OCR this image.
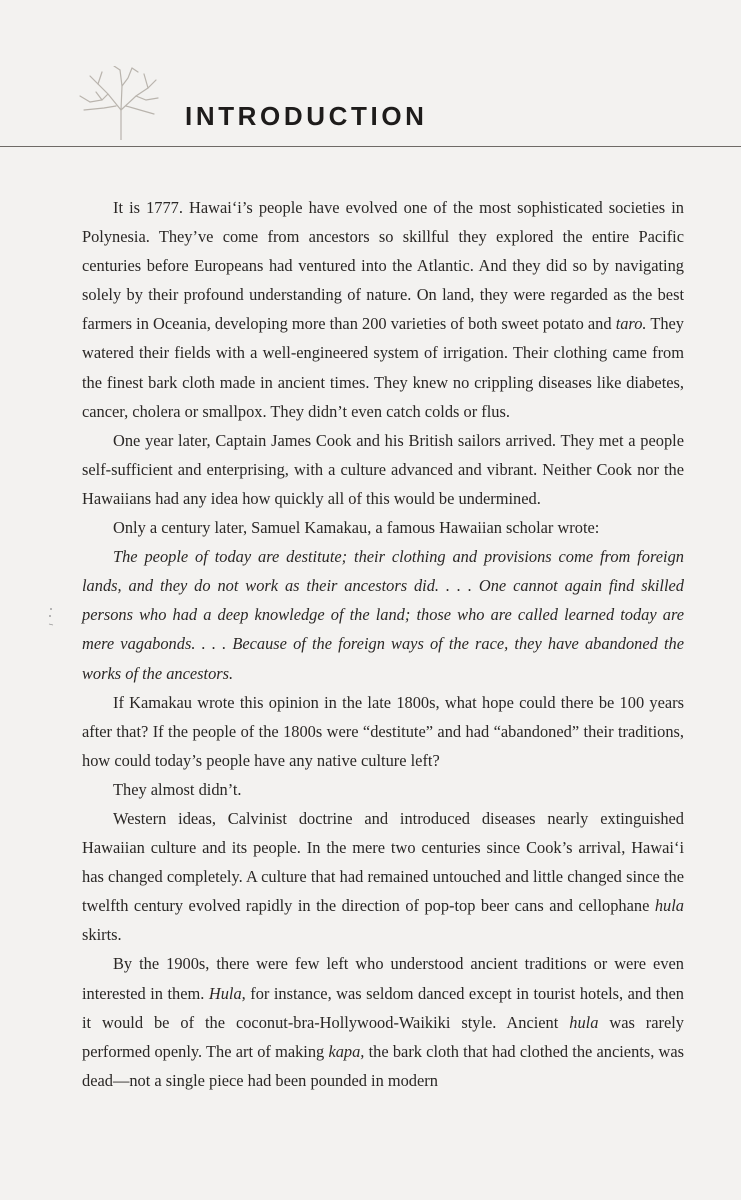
INTRODUCTION

It is 1777. Hawai‘i’s people have evolved one of the most sophisticated societies in Polynesia. They’ve come from ancestors so skillful they explored the entire Pacific centuries before Europeans had ventured into the Atlantic. And they did so by navigating solely by their profound understanding of nature. On land, they were regarded as the best farmers in Oceania, developing more than 200 varieties of both sweet potato and taro. They watered their fields with a well-engineered system of irrigation. Their clothing came from the finest bark cloth made in ancient times. They knew no crippling diseases like diabetes, cancer, cholera or smallpox. They didn’t even catch colds or flus.

One year later, Captain James Cook and his British sailors arrived. They met a people self-sufficient and enterprising, with a culture advanced and vibrant. Neither Cook nor the Hawaiians had any idea how quickly all of this would be undermined.

Only a century later, Samuel Kamakau, a famous Hawaiian scholar wrote:

The people of today are destitute; their clothing and provisions come from foreign lands, and they do not work as their ancestors did. . . . One cannot again find skilled persons who had a deep knowledge of the land; those who are called learned today are mere vagabonds. . . . Because of the foreign ways of the race, they have abandoned the works of the ancestors.

If Kamakau wrote this opinion in the late 1800s, what hope could there be 100 years after that? If the people of the 1800s were “destitute” and had “abandoned” their traditions, how could today’s people have any native culture left?

They almost didn’t.

Western ideas, Calvinist doctrine and introduced diseases nearly extinguished Hawaiian culture and its people. In the mere two centuries since Cook’s arrival, Hawai‘i has changed completely. A culture that had remained untouched and little changed since the twelfth century evolved rapidly in the direction of pop-top beer cans and cellophane hula skirts.

By the 1900s, there were few left who understood ancient traditions or were even interested in them. Hula, for instance, was seldom danced except in tourist hotels, and then it would be of the coconut-bra-Hollywood-Waikiki style. Ancient hula was rarely performed openly. The art of making kapa, the bark cloth that had clothed the ancients, was dead—not a single piece had been pounded in modern
